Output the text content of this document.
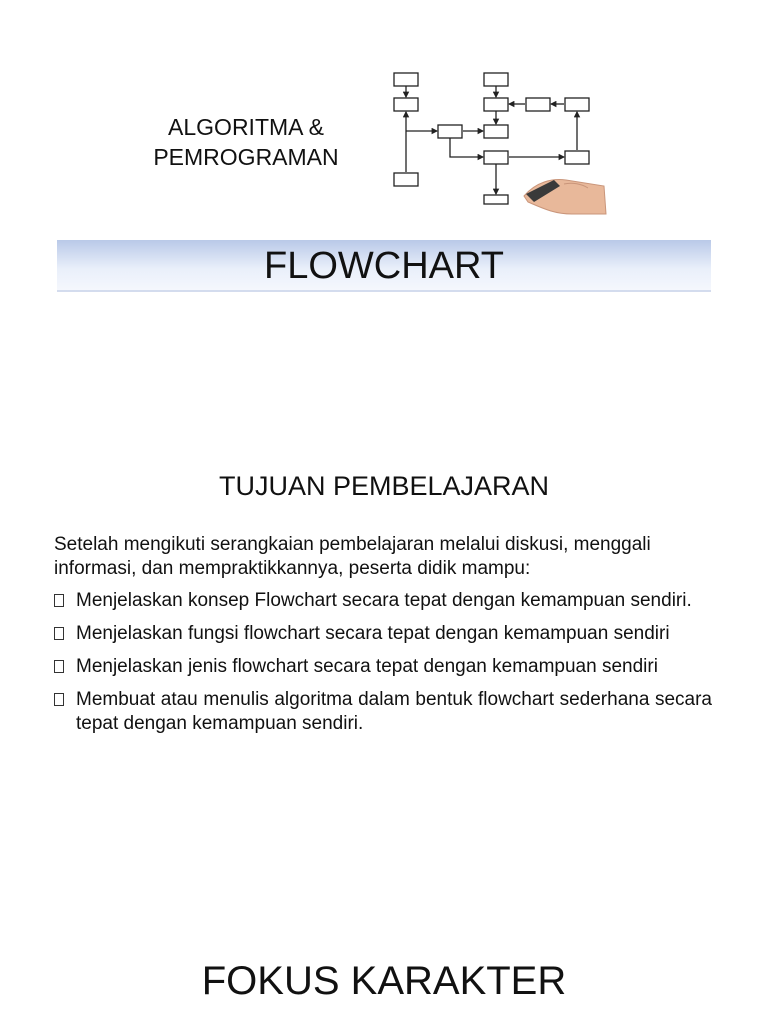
ALGORITMA &
PEMROGRAMAN
FLOWCHART
TUJUAN PEMBELAJARAN

Setelah mengikuti serangkaian pembelajaran melalui diskusi, menggali informasi, dan mempraktikkannya, peserta didik mampu:

Menjelaskan konsep Flowchart secara tepat dengan kemampuan sendiri.
Menjelaskan fungsi flowchart secara tepat dengan kemampuan sendiri
Menjelaskan jenis flowchart secara tepat dengan kemampuan sendiri
Membuat atau menulis algoritma dalam bentuk flowchart sederhana secara tepat dengan kemampuan sendiri.
FOKUS KARAKTER
